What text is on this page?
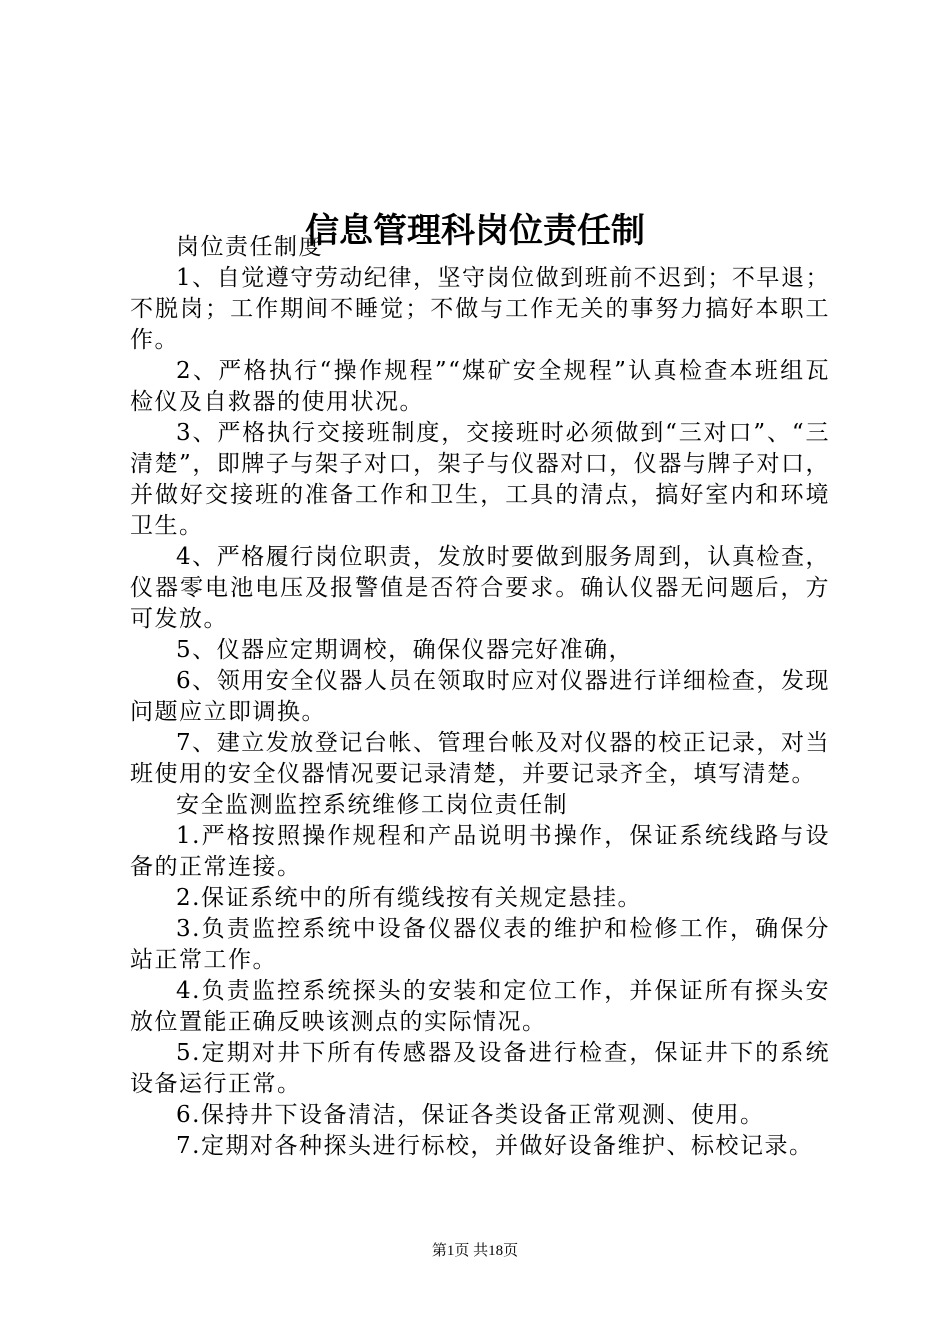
信息管理科岗位责任制

岗位责任制度

1、自觉遵守劳动纪律，坚守岗位做到班前不迟到；不早退；不脱岗；工作期间不睡觉；不做与工作无关的事努力搞好本职工作。

2、严格执行“操作规程”“煤矿安全规程”认真检查本班组瓦检仪及自救器的使用状况。

3、严格执行交接班制度，交接班时必须做到“三对口”、“三清楚”，即牌子与架子对口，架子与仪器对口，仪器与牌子对口，并做好交接班的准备工作和卫生，工具的清点，搞好室内和环境卫生。

4、严格履行岗位职责，发放时要做到服务周到，认真检查，仪器零电池电压及报警值是否符合要求。确认仪器无问题后，方可发放。

5、仪器应定期调校，确保仪器完好准确，

6、领用安全仪器人员在领取时应对仪器进行详细检查，发现问题应立即调换。

7、建立发放登记台帐、管理台帐及对仪器的校正记录，对当班使用的安全仪器情况要记录清楚，并要记录齐全，填写清楚。

安全监测监控系统维修工岗位责任制

1.严格按照操作规程和产品说明书操作，保证系统线路与设备的正常连接。

2.保证系统中的所有缆线按有关规定悬挂。

3.负责监控系统中设备仪器仪表的维护和检修工作，确保分站正常工作。

4.负责监控系统探头的安装和定位工作，并保证所有探头安放位置能正确反映该测点的实际情况。

5.定期对井下所有传感器及设备进行检查，保证井下的系统设备运行正常。

6.保持井下设备清洁，保证各类设备正常观测、使用。

7.定期对各种探头进行标校，并做好设备维护、标校记录。

第1页 共18页
